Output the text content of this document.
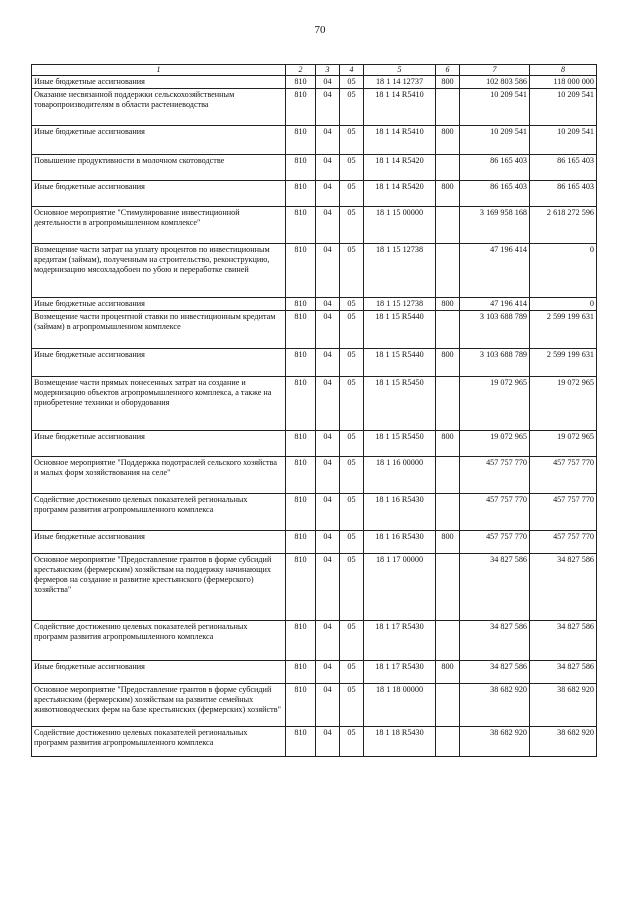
70
1	2	3	4	5	6	7	8
Иные бюджетные ассигнования	810	04	05	18 1 14 12737	800	102 803 586	118 000 000
Оказание несвязанной поддержки сельскохозяйственным товаропроизводителям в области растениеводства	810	04	05	18 1 14 R5410		10 209 541	10 209 541
Иные бюджетные ассигнования	810	04	05	18 1 14 R5410	800	10 209 541	10 209 541
Повышение продуктивности в молочном скотоводстве	810	04	05	18 1 14 R5420		86 165 403	86 165 403
Иные бюджетные ассигнования	810	04	05	18 1 14 R5420	800	86 165 403	86 165 403
Основное мероприятие "Стимулирование инвестиционной деятельности в агропромышленном комплексе"	810	04	05	18 1 15 00000		3 169 958 168	2 618 272 596
Возмещение части затрат на уплату процентов по инвестиционным кредитам (займам), полученным на строительство, реконструкцию, модернизацию мясохладобоен по убою и переработке свиней	810	04	05	18 1 15 12738		47 196 414	0
Иные бюджетные ассигнования	810	04	05	18 1 15 12738	800	47 196 414	0
Возмещение части процентной ставки по инвестиционным кредитам (займам) в агропромышленном комплексе	810	04	05	18 1 15 R5440		3 103 688 789	2 599 199 631
Иные бюджетные ассигнования	810	04	05	18 1 15 R5440	800	3 103 688 789	2 599 199 631
Возмещение части прямых понесенных затрат на создание и модернизацию объектов агропромышленного комплекса, а также на приобретение техники и оборудования	810	04	05	18 1 15 R5450		19 072 965	19 072 965
Иные бюджетные ассигнования	810	04	05	18 1 15 R5450	800	19 072 965	19 072 965
Основное мероприятие "Поддержка подотраслей сельского хозяйства и малых форм хозяйствования на селе"	810	04	05	18 1 16 00000		457 757 770	457 757 770
Содействие достижению целевых показателей региональных программ развития агропромышленного комплекса	810	04	05	18 1 16 R5430		457 757 770	457 757 770
Иные бюджетные ассигнования	810	04	05	18 1 16 R5430	800	457 757 770	457 757 770
Основное мероприятие "Предоставление грантов в форме субсидий крестьянским (фермерским) хозяйствам на поддержку начинающих фермеров на создание и развитие крестьянского (фермерского) хозяйства"	810	04	05	18 1 17 00000		34 827 586	34 827 586
Содействие достижению целевых показателей региональных программ развития агропромышленного комплекса	810	04	05	18 1 17 R5430		34 827 586	34 827 586
Иные бюджетные ассигнования	810	04	05	18 1 17 R5430	800	34 827 586	34 827 586
Основное мероприятие "Предоставление грантов в форме субсидий крестьянским (фермерским) хозяйствам на развитие семейных животноводческих ферм на базе крестьянских (фермерских) хозяйств"	810	04	05	18 1 18 00000		38 682 920	38 682 920
Содействие достижению целевых показателей региональных программ развития агропромышленного комплекса	810	04	05	18 1 18 R5430		38 682 920	38 682 920
